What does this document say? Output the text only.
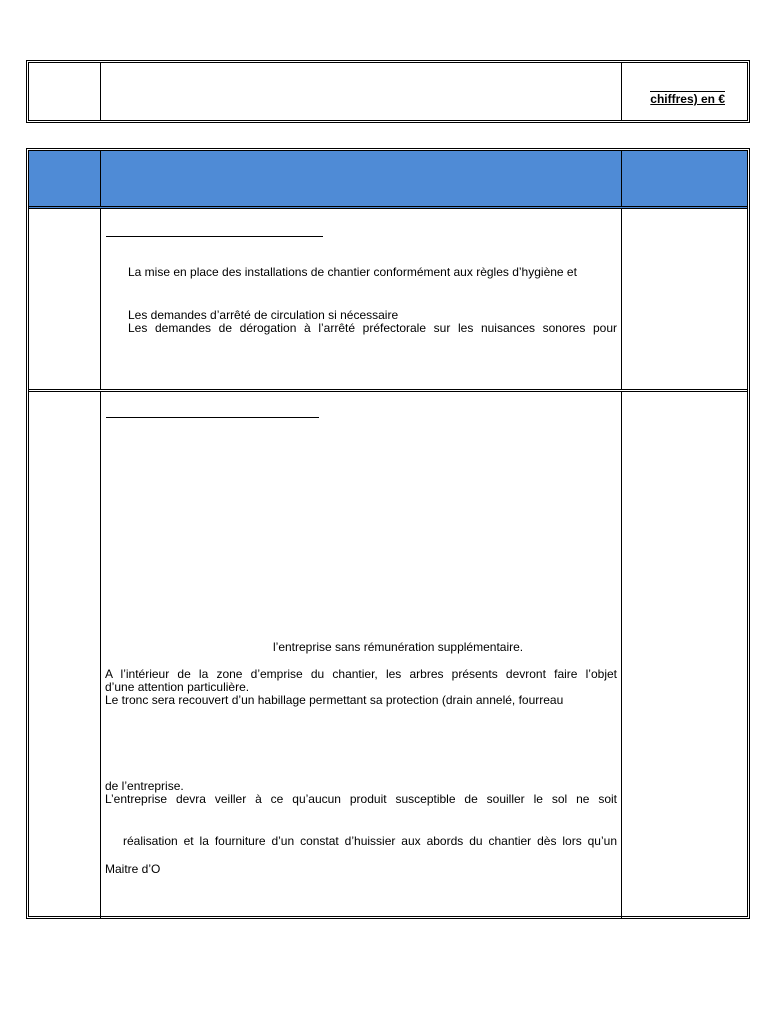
chiffres) en €
La mise en place des installations de chantier conformément aux règles d’hygiène et
Les demandes d’arrêté de circulation si nécessaire
Les demandes de dérogation à l’arrêté préfectorale sur les nuisances sonores pour
l’entreprise sans rémunération supplémentaire.
A l’intérieur de la zone d’emprise du chantier, les arbres présents devront faire l’objet
d’une attention particulière.
Le tronc sera recouvert d’un habillage permettant sa protection (drain annelé, fourreau
de l’entreprise.
L’entreprise devra veiller à ce qu’aucun produit susceptible de souiller le sol ne soit
réalisation et la fourniture d’un constat d’huissier aux abords du chantier dès lors qu’un
Maitre d’O
